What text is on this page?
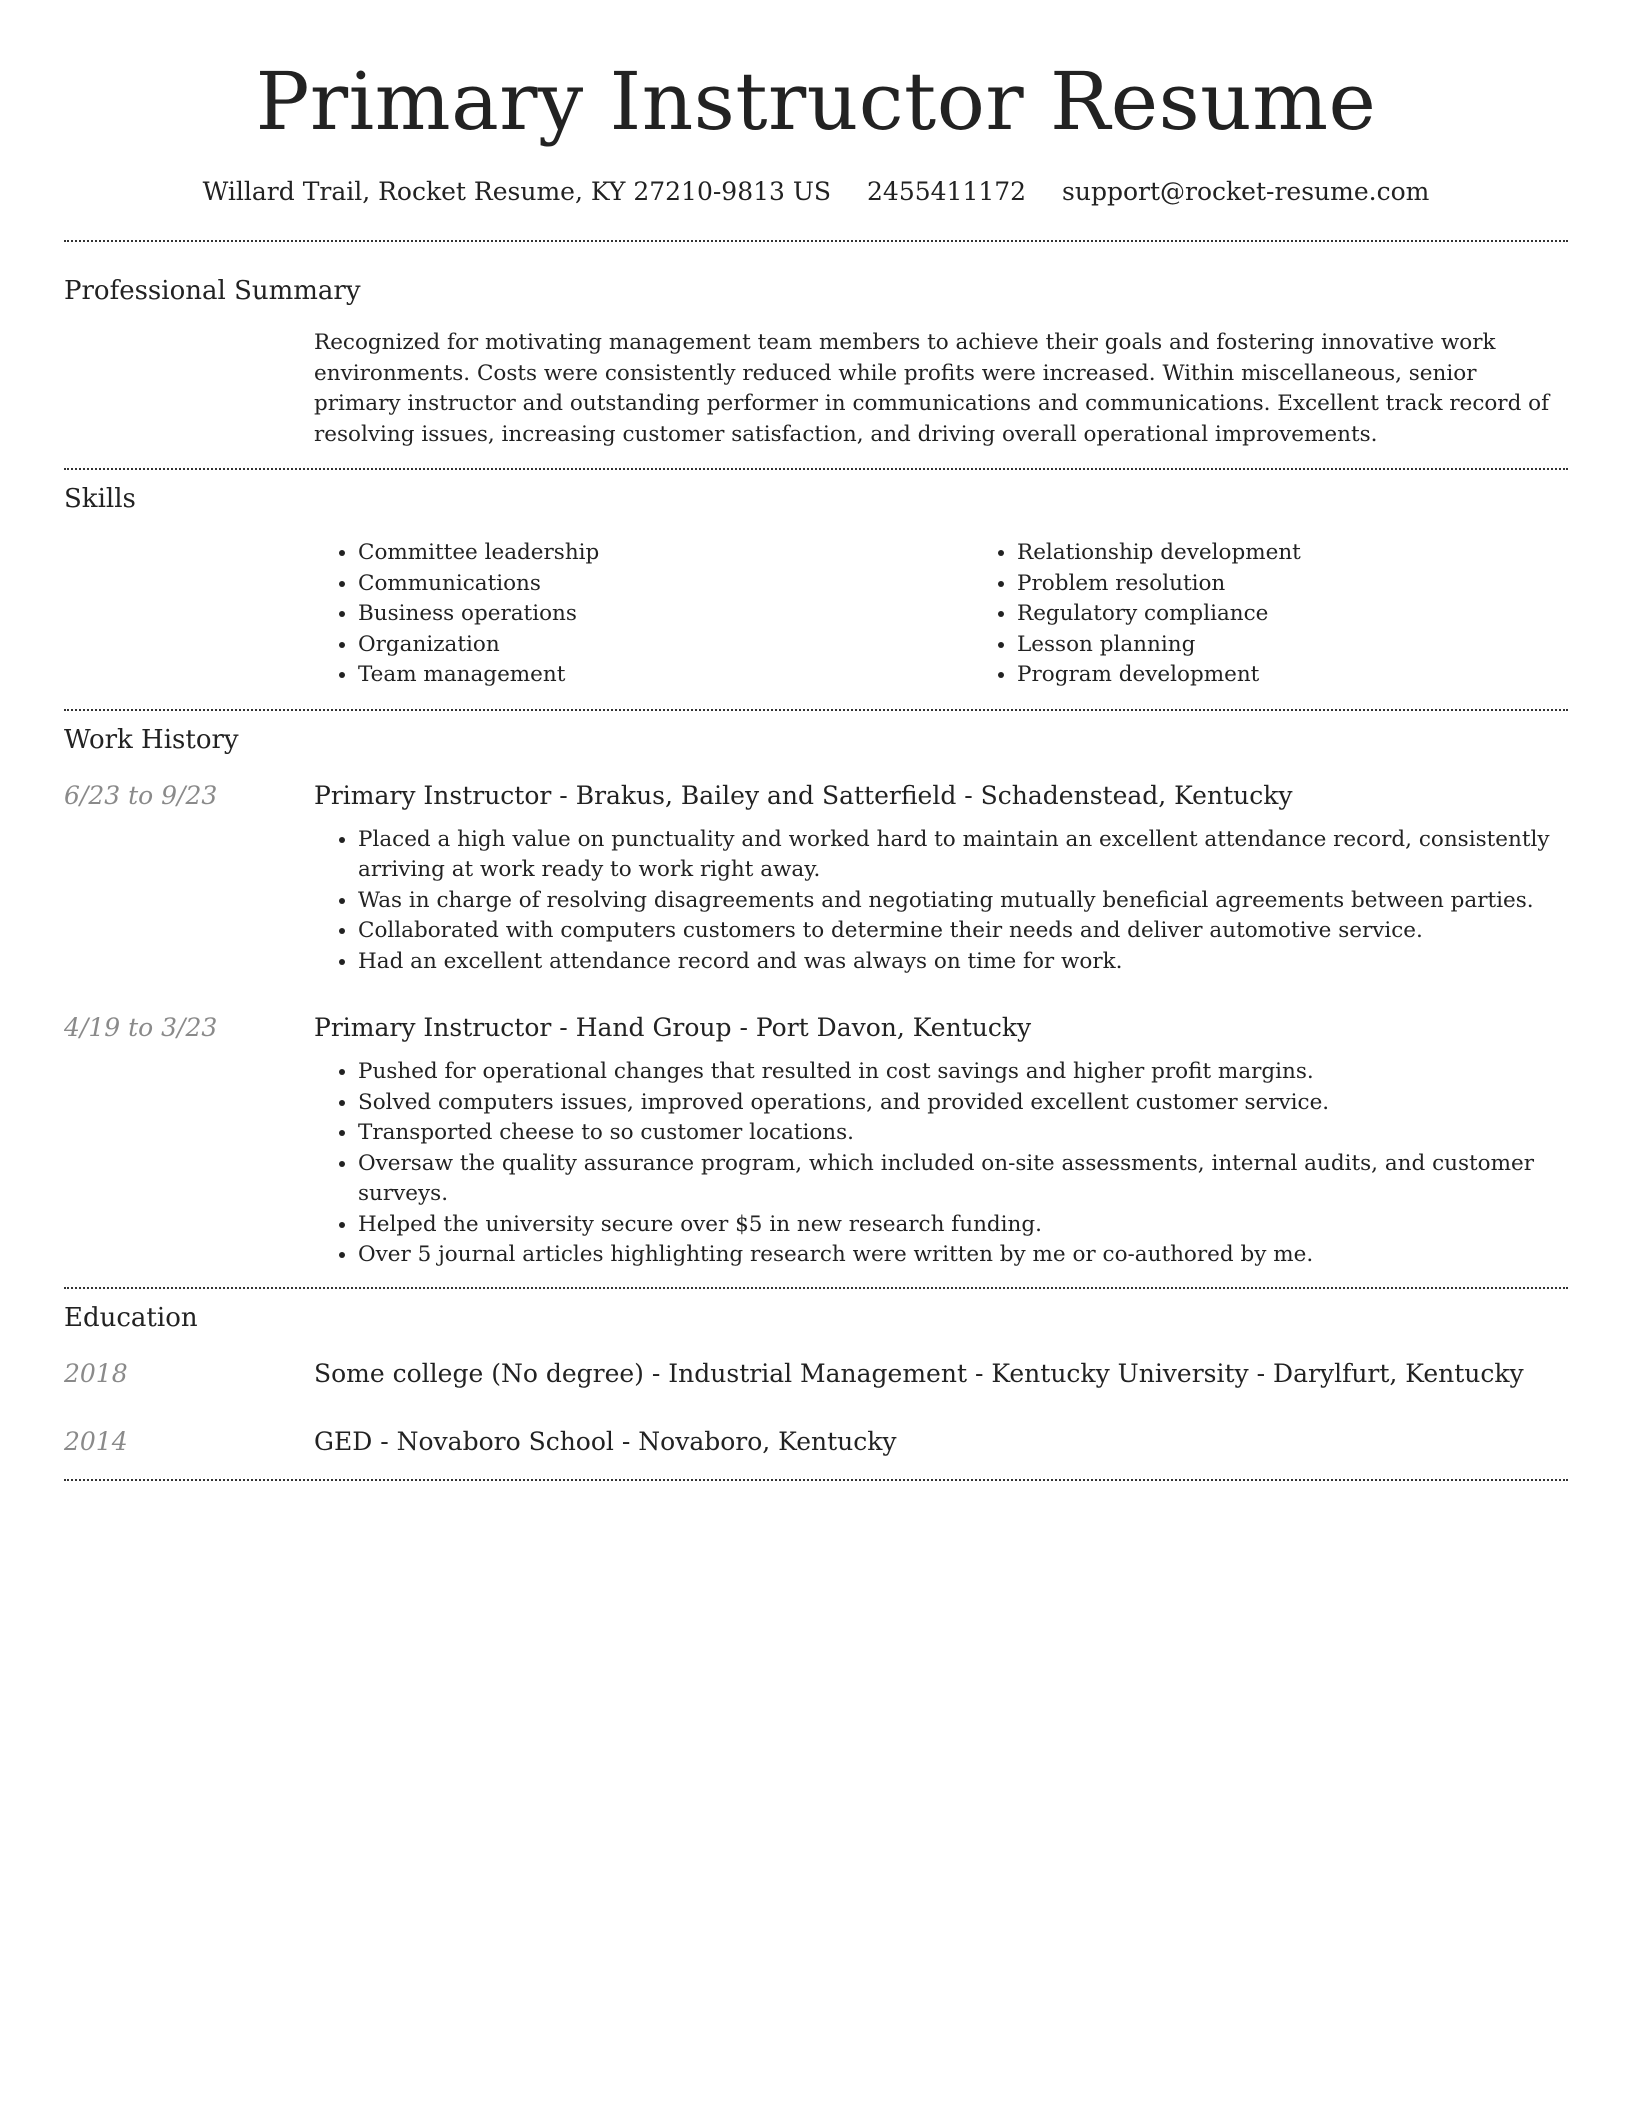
Primary Instructor Resume
Willard Trail, Rocket Resume, KY 27210-9813 US 2455411172 support@rocket-resume.com
Professional Summary

Recognized for motivating management team members to achieve their goals and fostering innovative work environments. Costs were consistently reduced while profits were increased. Within miscellaneous, senior primary instructor and outstanding performer in communications and communications. Excellent track record of resolving issues, increasing customer satisfaction, and driving overall operational improvements.

Skills
• Committee leadership
• Communications
• Business operations
• Organization
• Team management
• Relationship development
• Problem resolution
• Regulatory compliance
• Lesson planning
• Program development
Work History
6/23 to 9/23	Primary Instructor - Brakus, Bailey and Satterfield - Schadenstead, Kentucky
• Placed a high value on punctuality and worked hard to maintain an excellent attendance record, consistently arriving at work ready to work right away.
• Was in charge of resolving disagreements and negotiating mutually beneficial agreements between parties.
• Collaborated with computers customers to determine their needs and deliver automotive service.
• Had an excellent attendance record and was always on time for work.
4/19 to 3/23	Primary Instructor - Hand Group - Port Davon, Kentucky
• Pushed for operational changes that resulted in cost savings and higher profit margins.
• Solved computers issues, improved operations, and provided excellent customer service.
• Transported cheese to so customer locations.
• Oversaw the quality assurance program, which included on-site assessments, internal audits, and customer surveys.
• Helped the university secure over $5 in new research funding.
• Over 5 journal articles highlighting research were written by me or co-authored by me.
Education
2018	Some college (No degree) - Industrial Management - Kentucky University - Darylfurt, Kentucky
2014	GED - Novaboro School - Novaboro, Kentucky
